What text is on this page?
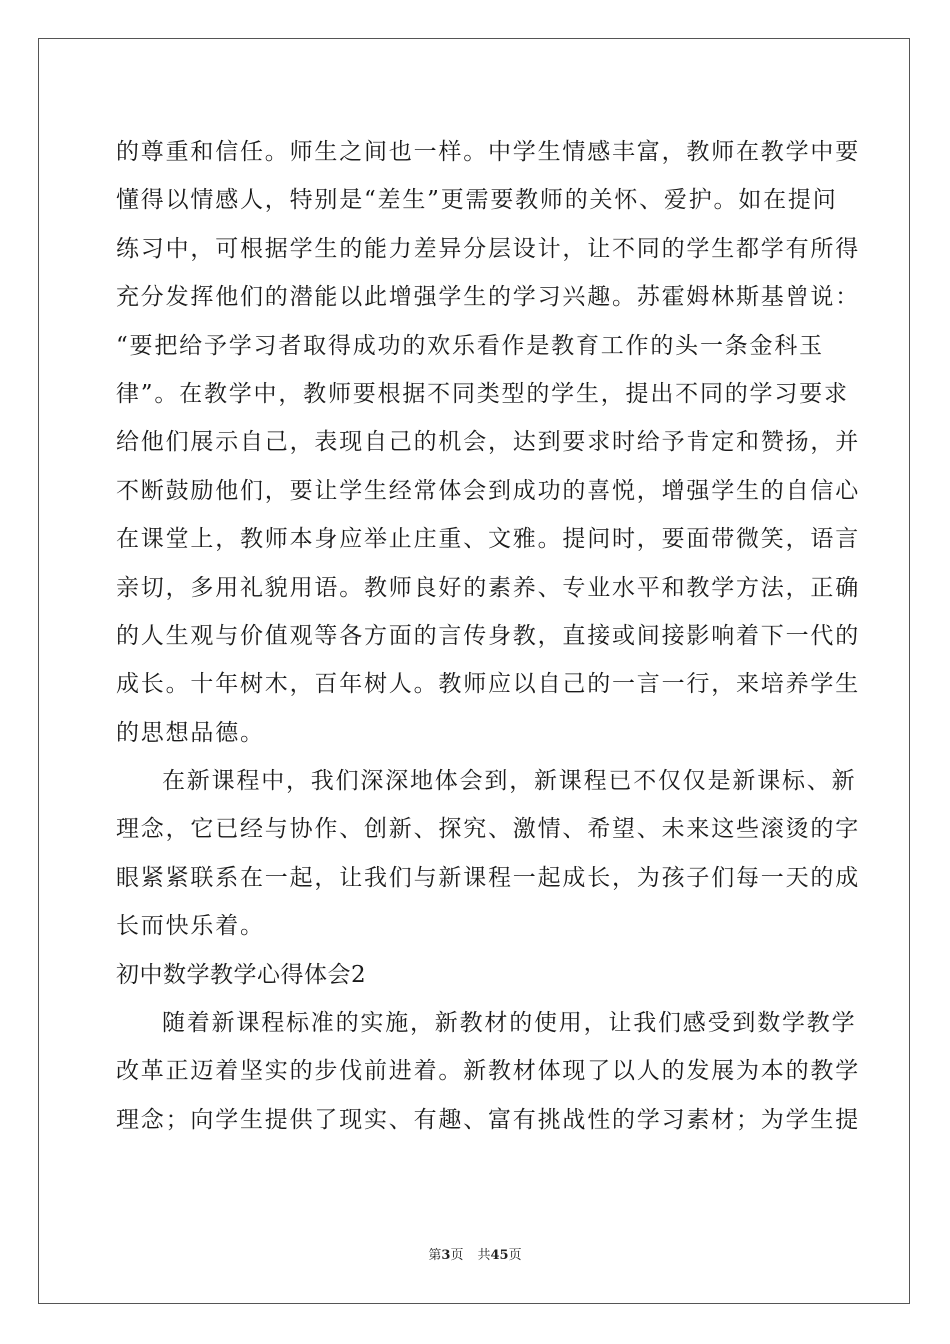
的尊重和信任。师生之间也一样。中学生情感丰富，教师在教学中要
懂得以情感人，特别是“差生”更需要教师的关怀、爱护。如在提问
练习中，可根据学生的能力差异分层设计，让不同的学生都学有所得
充分发挥他们的潜能以此增强学生的学习兴趣。苏霍姆林斯基曾说：
“要把给予学习者取得成功的欢乐看作是教育工作的头一条金科玉
律”。在教学中，教师要根据不同类型的学生，提出不同的学习要求
给他们展示自己，表现自己的机会，达到要求时给予肯定和赞扬，并
不断鼓励他们，要让学生经常体会到成功的喜悦，增强学生的自信心
在课堂上，教师本身应举止庄重、文雅。提问时，要面带微笑，语言
亲切，多用礼貌用语。教师良好的素养、专业水平和教学方法，正确
的人生观与价值观等各方面的言传身教，直接或间接影响着下一代的
成长。十年树木，百年树人。教师应以自己的一言一行，来培养学生
的思想品德。
在新课程中，我们深深地体会到，新课程已不仅仅是新课标、新
理念，它已经与协作、创新、探究、激情、希望、未来这些滚烫的字
眼紧紧联系在一起，让我们与新课程一起成长，为孩子们每一天的成
长而快乐着。
初中数学教学心得体会2
随着新课程标准的实施，新教材的使用，让我们感受到数学教学
改革正迈着坚实的步伐前进着。新教材体现了以人的发展为本的教学
理念；向学生提供了现实、有趣、富有挑战性的学习素材；为学生提
第3页 共45页
